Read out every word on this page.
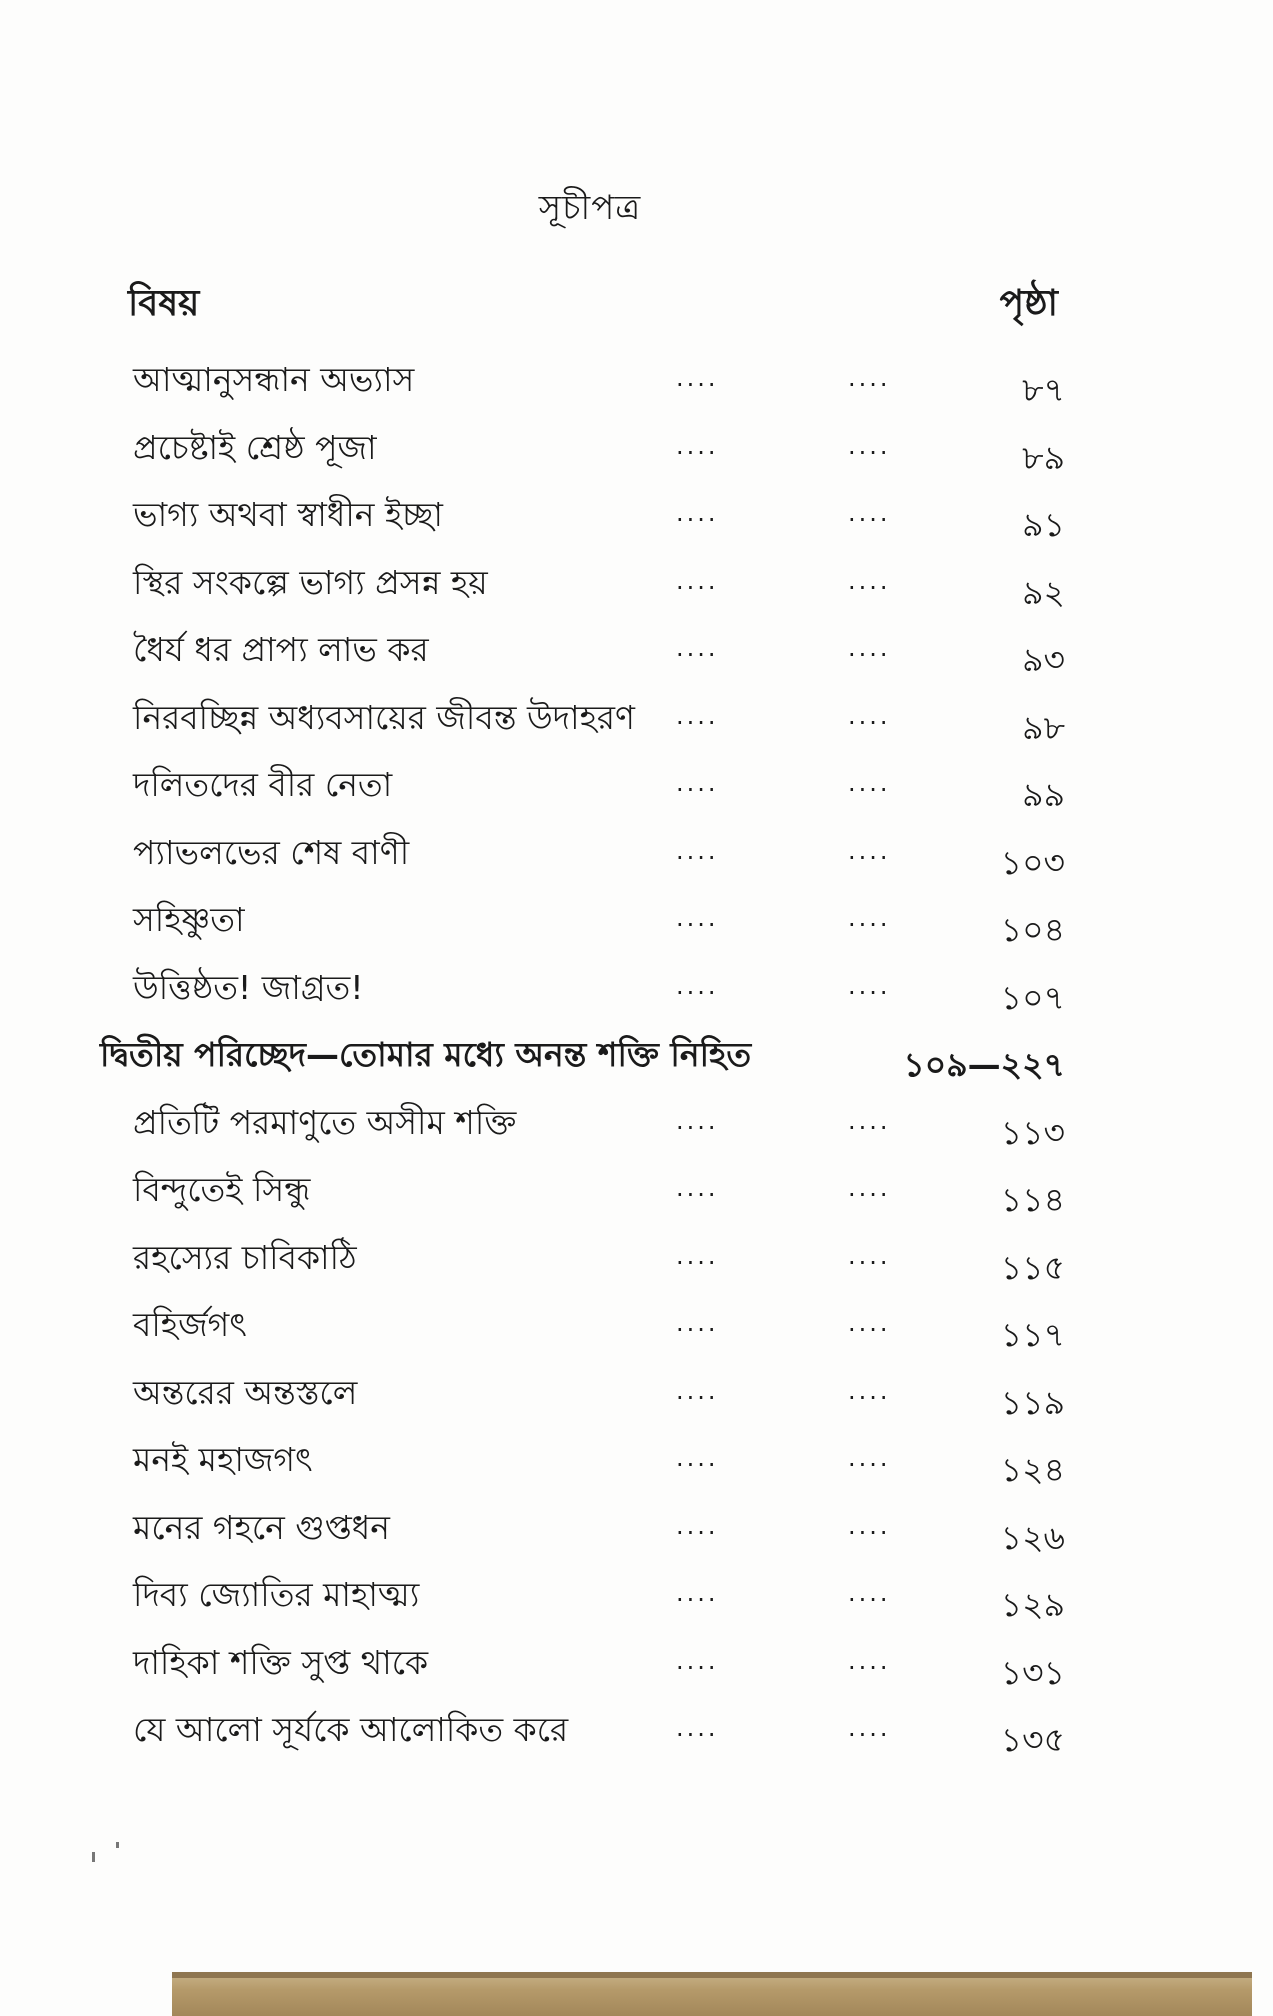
সূচীপত্র
বিষয়	পৃষ্ঠা
আত্মানুসন্ধান অভ্যাস	....	....	৮৭
প্রচেষ্টাই শ্রেষ্ঠ পূজা	....	....	৮৯
ভাগ্য অথবা স্বাধীন ইচ্ছা	....	....	৯১
স্থির সংকল্পে ভাগ্য প্রসন্ন হয়	....	....	৯২
ধৈর্য ধর প্রাপ্য লাভ কর	....	....	৯৩
নিরবচ্ছিন্ন অধ্যবসায়ের জীবন্ত উদাহরণ ....	....	৯৮
দলিতদের বীর নেতা	....	....	৯৯
প্যাভলভের শেষ বাণী	....	....	১০৩
সহিষ্ণুতা	....	....	১০৪
উত্তিষ্ঠত! জাগ্রত!	....	....	১০৭
দ্বিতীয় পরিচ্ছেদ—তোমার মধ্যে অনন্ত শক্তি নিহিত	১০৯—২২৭
প্রতিটি পরমাণুতে অসীম শক্তি	....	....	১১৩
বিন্দুতেই সিন্ধু	....	....	১১৪
রহস্যের চাবিকাঠি	....	....	১১৫
বহির্জগৎ	....	....	১১৭
অন্তরের অন্তস্তলে	....	....	১১৯
মনই মহাজগৎ	....	....	১২৪
মনের গহনে গুপ্তধন	....	....	১২৬
দিব্য জ্যোতির মাহাত্ম্য	....	....	১২৯
দাহিকা শক্তি সুপ্ত থাকে	....	....	১৩১
যে আলো সূর্যকে আলোকিত করে	....	....	১৩৫
